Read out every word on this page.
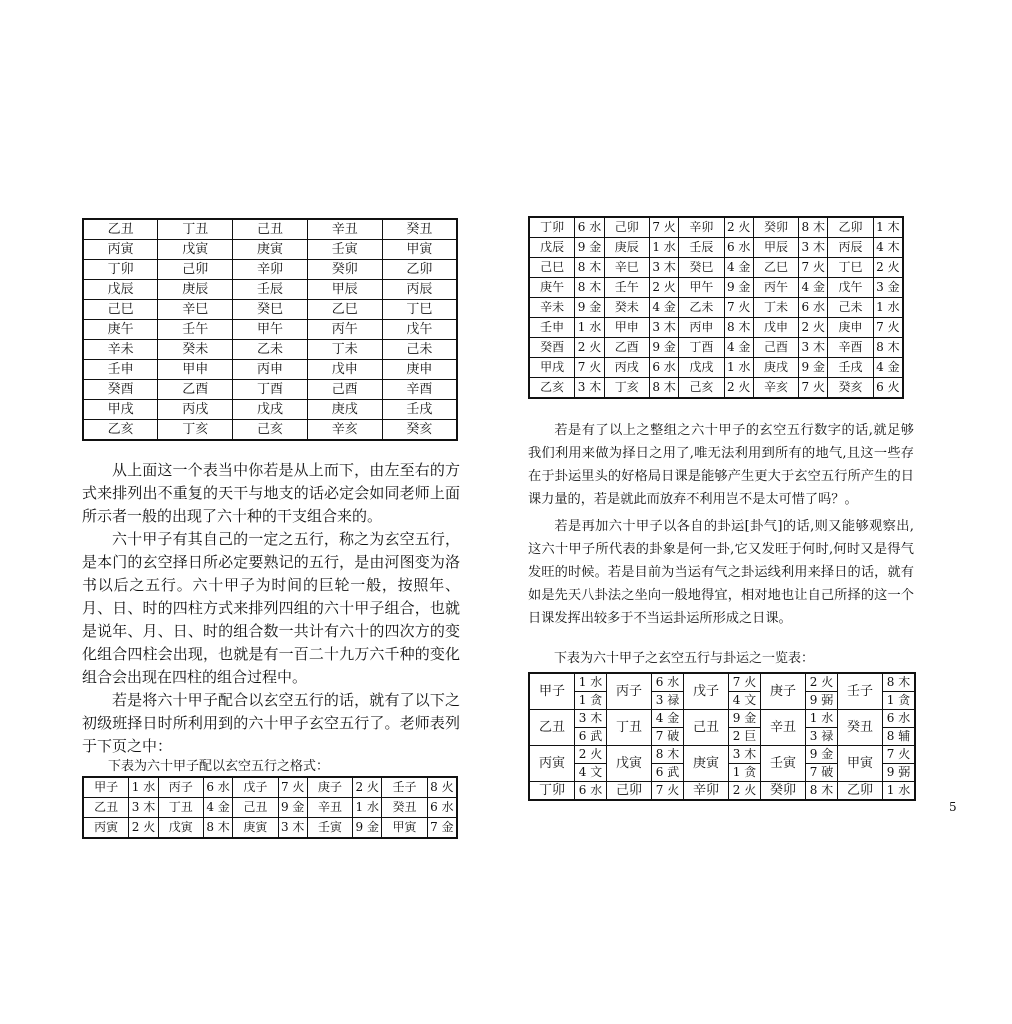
乙丑	丁丑	己丑	辛丑	癸丑
丙寅	戊寅	庚寅	壬寅	甲寅
丁卯	己卯	辛卯	癸卯	乙卯
戊辰	庚辰	壬辰	甲辰	丙辰
己巳	辛巳	癸巳	乙巳	丁巳
庚午	壬午	甲午	丙午	戊午
辛未	癸未	乙未	丁未	己未
壬申	甲申	丙申	戊申	庚申
癸酉	乙酉	丁酉	己酉	辛酉
甲戌	丙戌	戊戌	庚戌	壬戌
乙亥	丁亥	己亥	辛亥	癸亥

从上面这一个表当中你若是从上而下，由左至右的方式来排列出不重复的天干与地支的话必定会如同老师上面所示者一般的出现了六十种的干支组合来的。

六十甲子有其自己的一定之五行，称之为玄空五行，是本门的玄空择日所必定要熟记的五行，是由河图变为洛书以后之五行。六十甲子为时间的巨轮一般，按照年、月、日、时的四柱方式来排列四组的六十甲子组合，也就是说年、月、日、时的组合数一共计有六十的四次方的变化组合四柱会出现，也就是有一百二十九万六千种的变化组合会出现在四柱的组合过程中。

若是将六十甲子配合以玄空五行的话，就有了以下之初级班择日时所利用到的六十甲子玄空五行了。老师表列于下页之中：

下表为六十甲子配以玄空五行之格式：

甲子	1 水	丙子	6 水	戊子	7 火	庚子	2 火	壬子	8 火
乙丑	3 木	丁丑	4 金	己丑	9 金	辛丑	1 水	癸丑	6 水
丙寅	2 火	戊寅	8 木	庚寅	3 木	壬寅	9 金	甲寅	7 金
丁卯	6 水	己卯	7 火	辛卯	2 火	癸卯	8 木	乙卯	1 木
戊辰	9 金	庚辰	1 水	壬辰	6 水	甲辰	3 木	丙辰	4 木
己巳	8 木	辛巳	3 木	癸巳	4 金	乙巳	7 火	丁巳	2 火
庚午	8 木	壬午	2 火	甲午	9 金	丙午	4 金	戊午	3 金
辛未	9 金	癸未	4 金	乙未	7 火	丁未	6 水	己未	1 水
壬申	1 水	甲申	3 木	丙申	8 木	戊申	2 火	庚申	7 火
癸酉	2 火	乙酉	9 金	丁酉	4 金	己酉	3 木	辛酉	8 木
甲戌	7 火	丙戌	6 水	戊戌	1 水	庚戌	9 金	壬戌	4 金
乙亥	3 木	丁亥	8 木	己亥	2 火	辛亥	7 火	癸亥	6 火

若是有了以上之整组之六十甲子的玄空五行数字的话,就足够我们利用来做为择日之用了,唯无法利用到所有的地气,且这一些存在于卦运里头的好格局日课是能够产生更大于玄空五行所产生的日课力量的，若是就此而放弃不利用岂不是太可惜了吗？。

若是再加六十甲子以各自的卦运[卦气]的话,则又能够观察出,这六十甲子所代表的卦象是何一卦,它又发旺于何时,何时又是得气发旺的时候。若是目前为当运有气之卦运线利用来择日的话，就有如是先天八卦法之坐向一般地得宜，相对地也让自己所择的这一个日课发挥出较多于不当运卦运所形成之日课。

下表为六十甲子之玄空五行与卦运之一览表：

甲子	1 水	丙子	6 水	戊子	7 火	庚子	2 火	壬子	8 木
	1 贪		3 禄		4 文		9 弼		1 贪
乙丑	3 木	丁丑	4 金	己丑	9 金	辛丑	1 水	癸丑	6 水
	6 武		7 破		2 巨		3 禄		8 辅
丙寅	2 火	戊寅	8 木	庚寅	3 木	壬寅	9 金	甲寅	7 火
	4 文		6 武		1 贪		7 破		9 弼
丁卯	6 水	己卯	7 火	辛卯	2 火	癸卯	8 木	乙卯	1 水
5
